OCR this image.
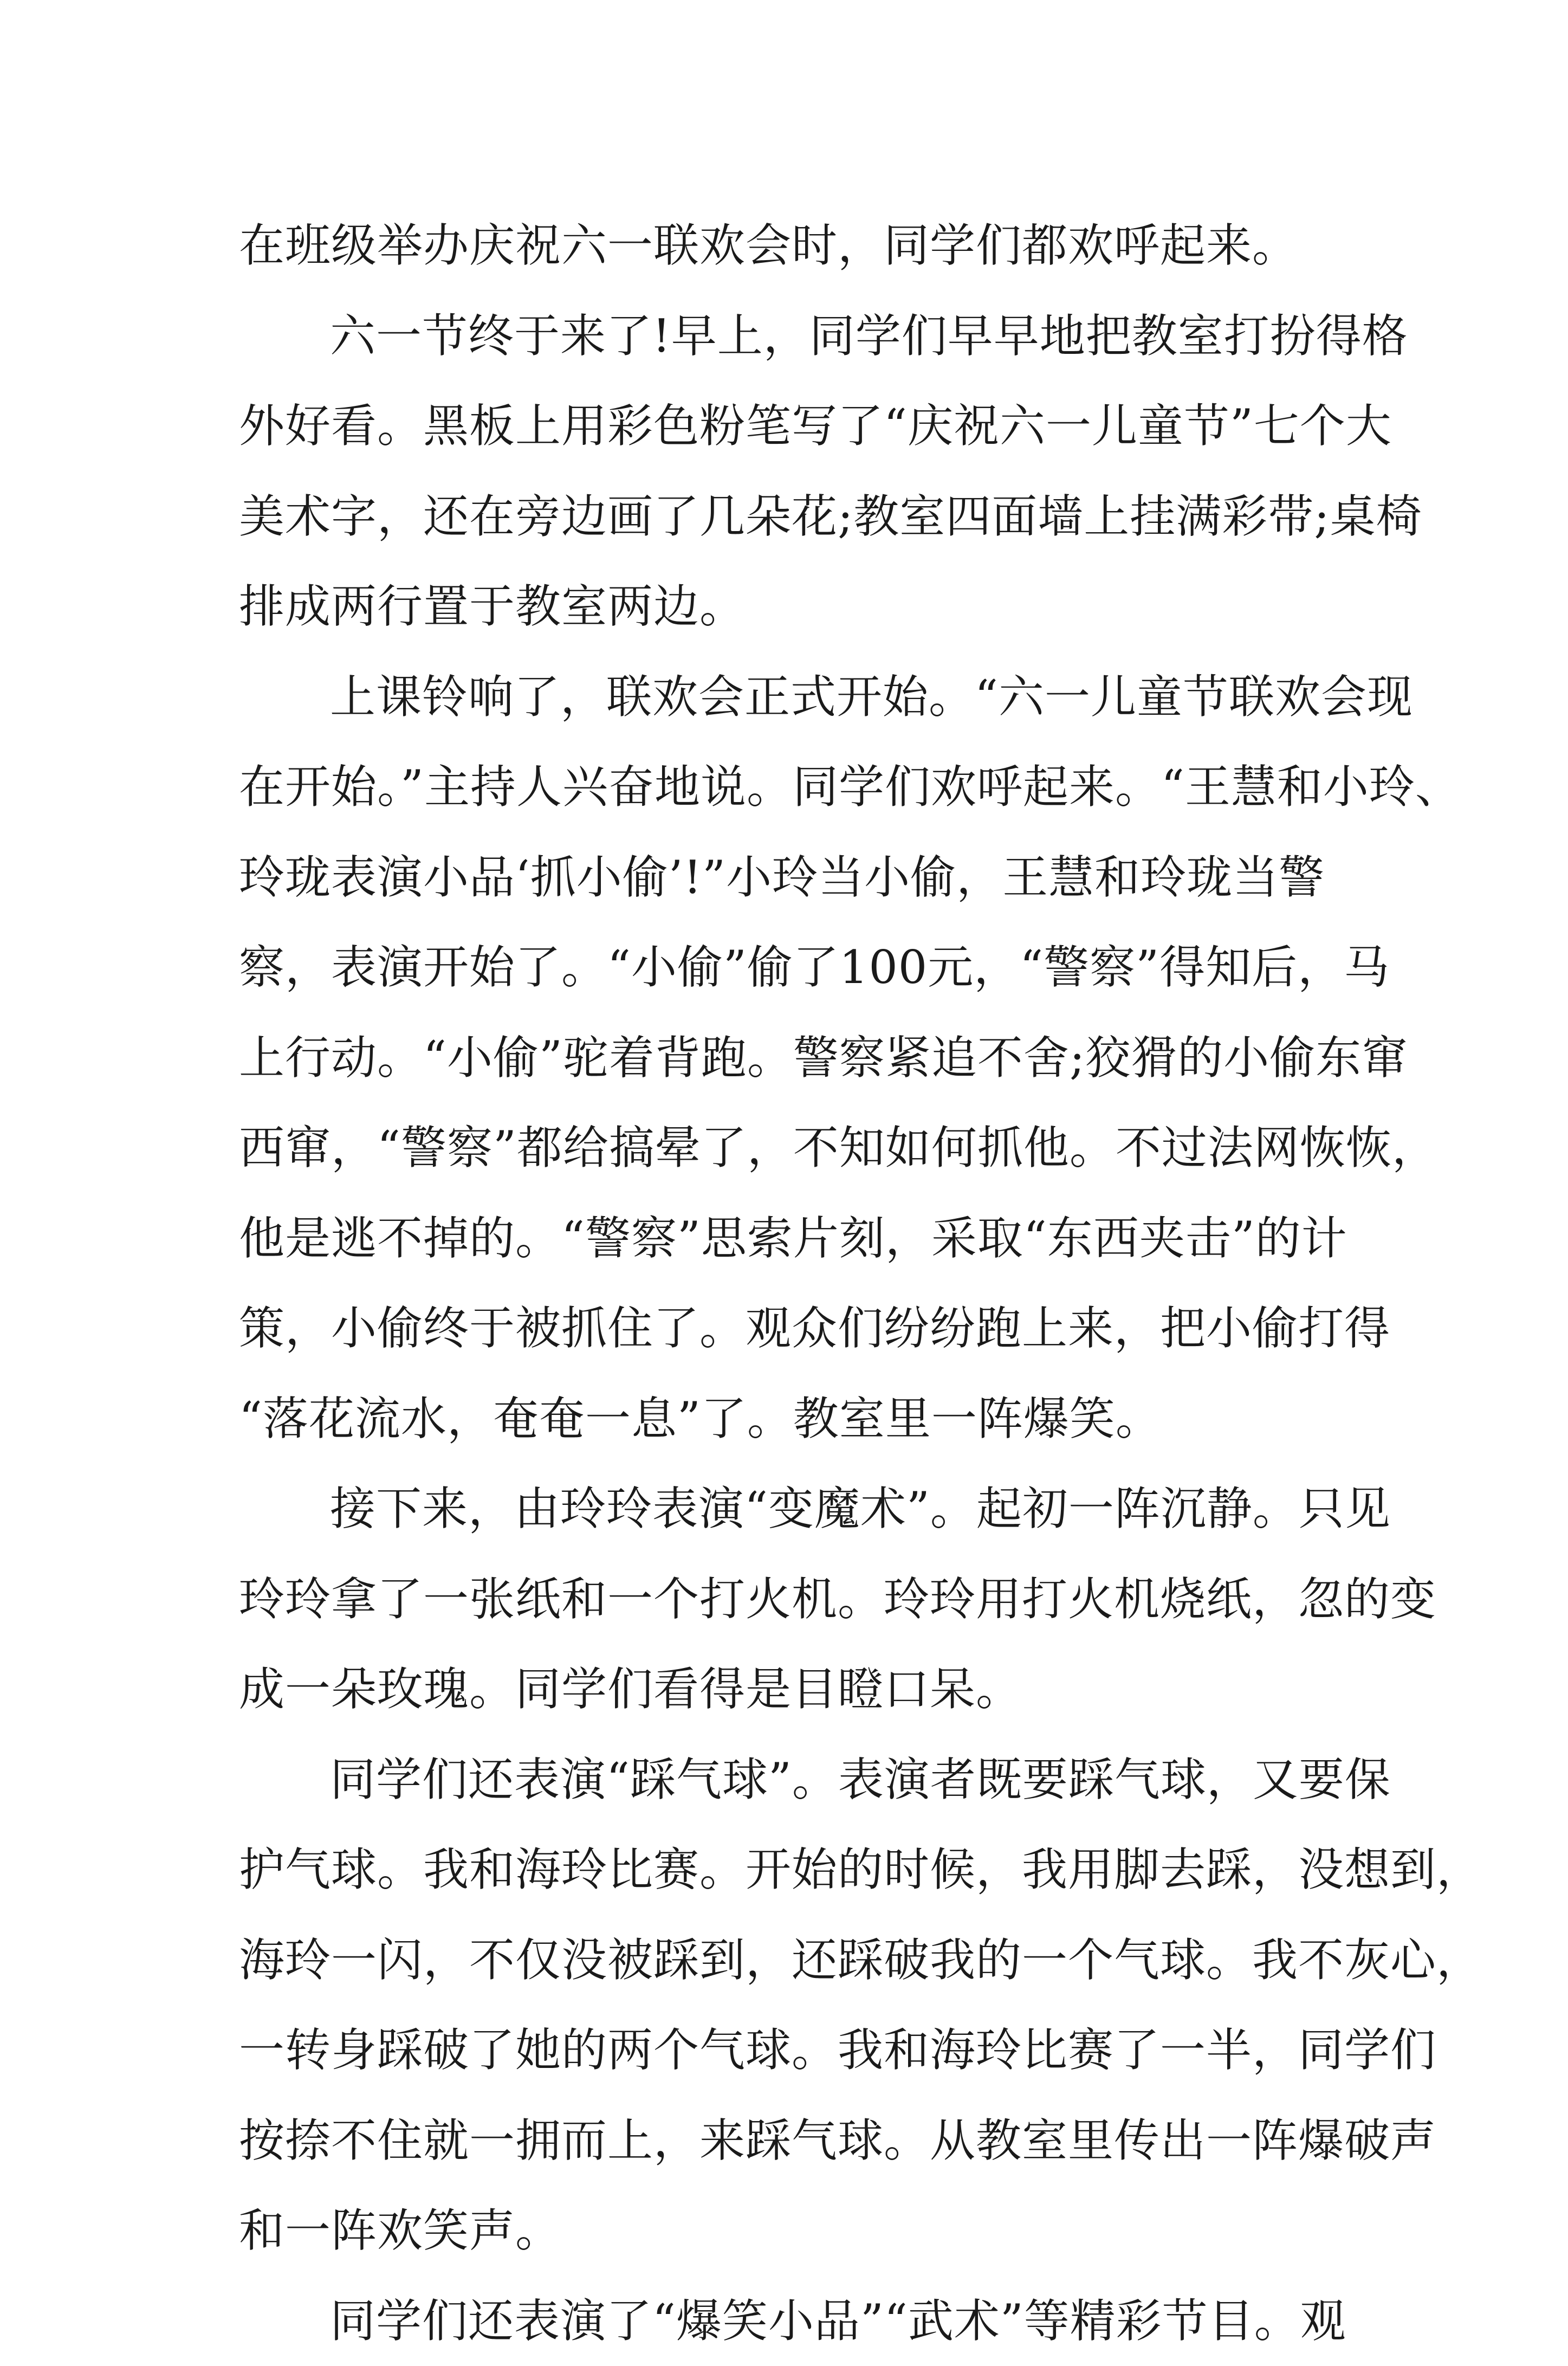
在班级举办庆祝六一联欢会时，同学们都欢呼起来。
六一节终于来了!早上，同学们早早地把教室打扮得格
外好看。黑板上用彩色粉笔写了“庆祝六一儿童节”七个大
美术字，还在旁边画了几朵花;教室四面墙上挂满彩带;桌椅
排成两行置于教室两边。
上课铃响了，联欢会正式开始。“六一儿童节联欢会现
在开始。”主持人兴奋地说。同学们欢呼起来。“王慧和小玲、
玲珑表演小品‘抓小偷’!”小玲当小偷，王慧和玲珑当警
察，表演开始了。“小偷”偷了100元，“警察”得知后，马
上行动。“小偷”驼着背跑。警察紧追不舍;狡猾的小偷东窜
西窜，“警察”都给搞晕了，不知如何抓他。不过法网恢恢，
他是逃不掉的。“警察”思索片刻，采取“东西夹击”的计
策，小偷终于被抓住了。观众们纷纷跑上来，把小偷打得
“落花流水，奄奄一息”了。教室里一阵爆笑。
接下来，由玲玲表演“变魔术”。起初一阵沉静。只见
玲玲拿了一张纸和一个打火机。玲玲用打火机烧纸，忽的变
成一朵玫瑰。同学们看得是目瞪口呆。
同学们还表演“踩气球”。表演者既要踩气球，又要保
护气球。我和海玲比赛。开始的时候，我用脚去踩，没想到，
海玲一闪，不仅没被踩到，还踩破我的一个气球。我不灰心，
一转身踩破了她的两个气球。我和海玲比赛了一半，同学们
按捺不住就一拥而上，来踩气球。从教室里传出一阵爆破声
和一阵欢笑声。
同学们还表演了“爆笑小品”“武术”等精彩节目。观
